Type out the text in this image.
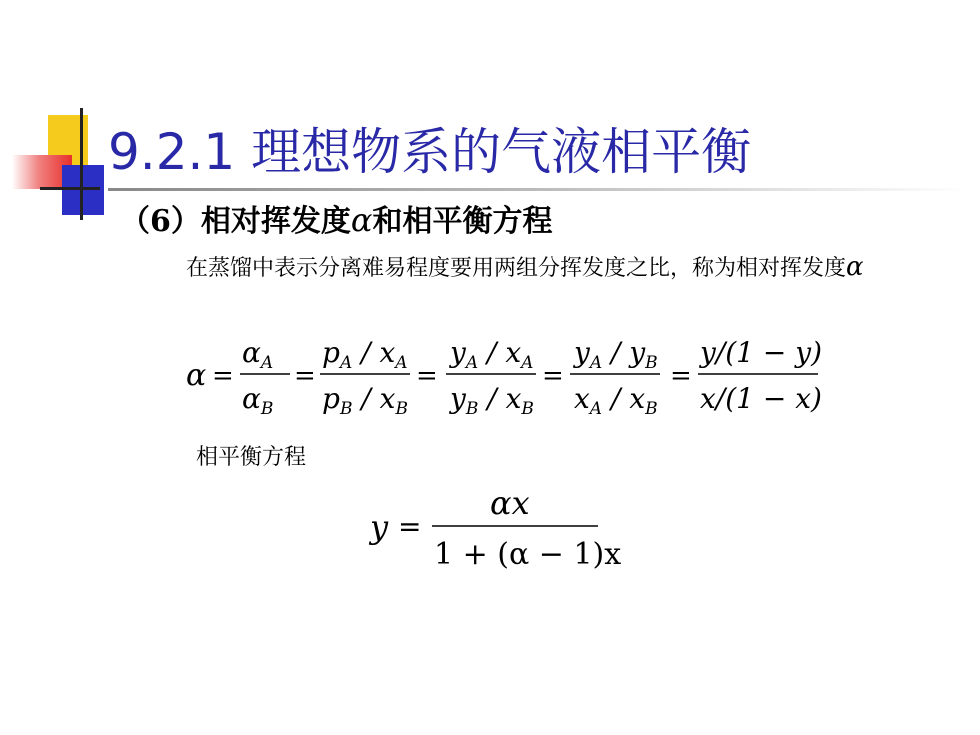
9.2.1 理想物系的气液相平衡
（6）相对挥发度α和相平衡方程
在蒸馏中表示分离难易程度要用两组分挥发度之比，称为相对挥发度α
α =
$\alpha_A$
$\alpha_B$
=
$p_A / x_A$
$p_B / x_B$
=
$y_A / x_A$
$y_B / x_B$
=
$y_A / y_B$
$x_A / x_B$
=
y/(1 − y)
x/(1 − x)
相平衡方程
y =
αx
1 + (α − 1)x
